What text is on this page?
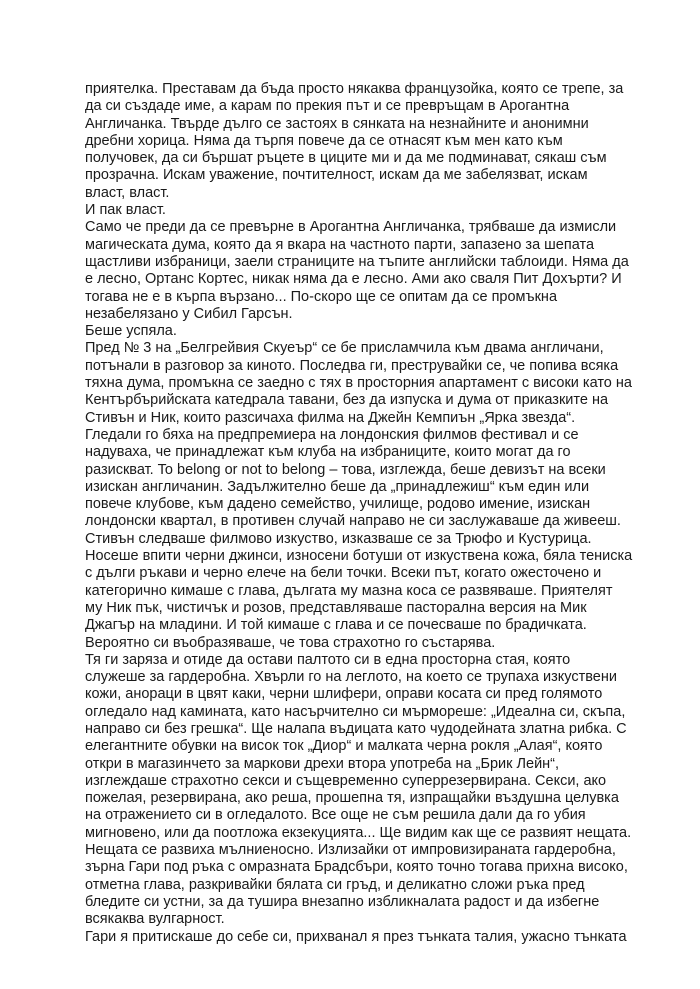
приятелка. Преставам да бъда просто някаква французойка, която се трепе, за
да си създаде име, а карам по прекия път и се превръщам в Арогантна
Англичанка. Твърде дълго се застоях в сянката на незнайните и анонимни
дребни хорица. Няма да търпя повече да се отнасят към мен като към
получовек, да си бършат ръцете в циците ми и да ме подминават, сякаш съм
прозрачна. Искам уважение, почтителност, искам да ме забелязват, искам
власт, власт.
И пак власт.
Само че преди да се превърне в Арогантна Англичанка, трябваше да измисли
магическата дума, която да я вкара на частното парти, запазено за шепата
щастливи избраници, заели страниците на тъпите английски таблоиди. Няма да
е лесно, Ортанс Кортес, никак няма да е лесно. Ами ако сваля Пит Дохърти? И
тогава не е в кърпа вързано... По-скоро ще се опитам да се промъкна
незабелязано у Сибил Гарсън.
Беше успяла.
Пред № 3 на „Белгрейвия Скуеър“ се бе присламчила към двама англичани,
потънали в разговор за киното. Последва ги, преструвайки се, че попива всяка
тяхна дума, промъкна се заедно с тях в просторния апартамент с високи като на
Кентърбърийската катедрала тавани, без да изпуска и дума от приказките на
Стивън и Ник, които разсичаха филма на Джейн Кемпиън „Ярка звезда“.
Гледали го бяха на предпремиера на лондонския филмов фестивал и се
надуваха, че принадлежат към клуба на избраниците, които могат да го
разискват. To belong or not to belong – това, изглежда, беше девизът на всеки
изискан англичанин. Задължително беше да „принадлежиш“ към един или
повече клубове, към дадено семейство, училище, родово имение, изискан
лондонски квартал, в противен случай направо не си заслужаваше да живееш.
Стивън следваше филмово изкуство, изказваше се за Трюфо и Кустурица.
Носеше впити черни джинси, износени ботуши от изкуствена кожа, бяла тениска
с дълги ръкави и черно елече на бели точки. Всеки път, когато ожесточено и
категорично кимаше с глава, дългата му мазна коса се развяваше. Приятелят
му Ник пък, чистичък и розов, представляваше пасторална версия на Мик
Джагър на младини. И той кимаше с глава и се почесваше по брадичката.
Вероятно си въобразяваше, че това страхотно го състарява.
Тя ги заряза и отиде да остави палтото си в една просторна стая, която
служеше за гардеробна. Хвърли го на леглото, на което се трупаха изкуствени
кожи, анораци в цвят каки, черни шлифери, оправи косата си пред голямото
огледало над камината, като насърчително си мърмореше: „Идеална си, скъпа,
направо си без грешка“. Ще налапа въдицата като чудодейната златна рибка. С
елегантните обувки на висок ток „Диор“ и малката черна рокля „Алая“, която
откри в магазинчето за маркови дрехи втора употреба на „Брик Лейн“,
изглеждаше страхотно секси и същевременно суперрезервирана. Секси, ако
пожелая, резервирана, ако реша, прошепна тя, изпращайки въздушна целувка
на отражението си в огледалото. Все още не съм решила дали да го убия
мигновено, или да поотложа екзекуцията... Ще видим как ще се развият нещата.
Нещата се развиха мълниеносно. Излизайки от импровизираната гардеробна,
зърна Гари под ръка с омразната Брадсбъри, която точно тогава прихна високо,
отметна глава, разкривайки бялата си гръд, и деликатно сложи ръка пред
бледите си устни, за да туширa внезапно избликналата радост и да избегне
всякаква вулгарност.
Гари я притискаше до себе си, прихванал я през тънката талия, ужасно тънката
